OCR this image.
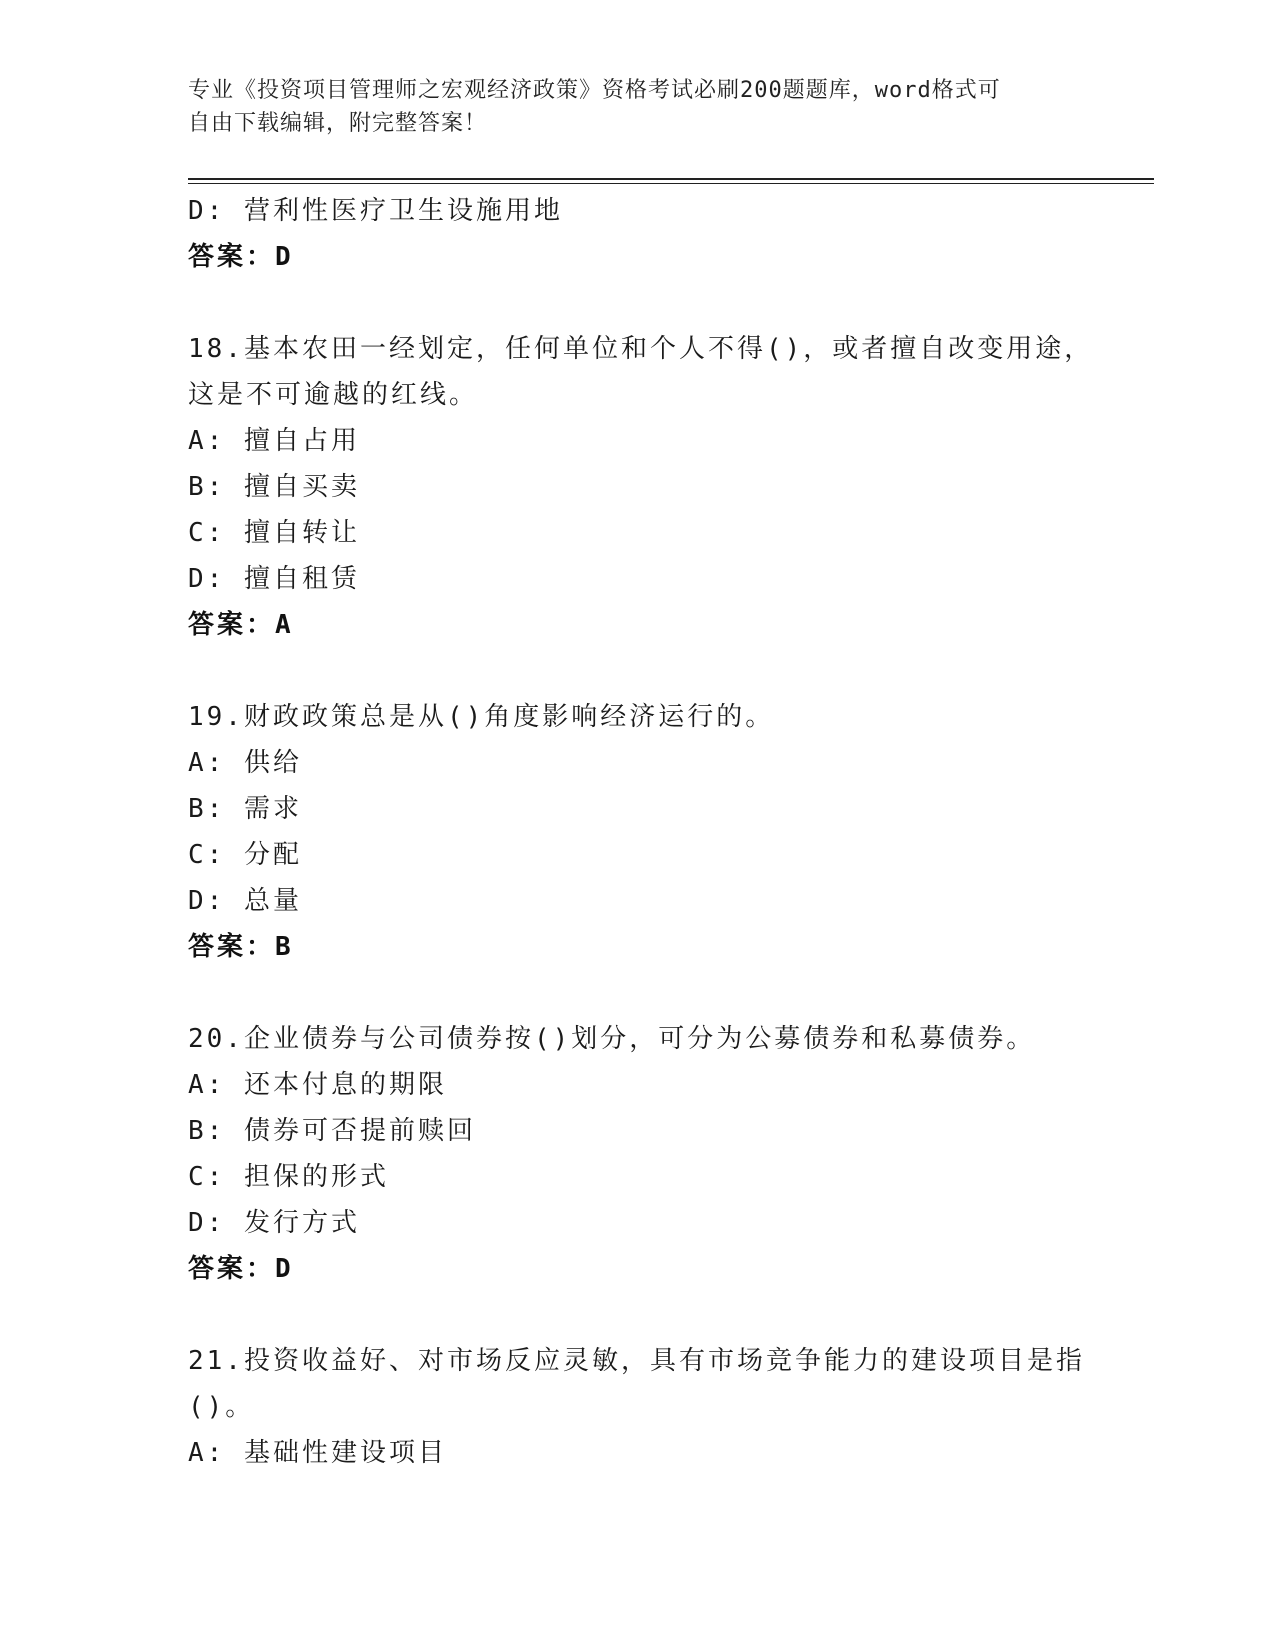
专业《投资项目管理师之宏观经济政策》资格考试必刷200题题库，word格式可
自由下载编辑，附完整答案！
D: 营利性医疗卫生设施用地
答案：D
18.基本农田一经划定，任何单位和个人不得()，或者擅自改变用途，
这是不可逾越的红线。
A: 擅自占用
B: 擅自买卖
C: 擅自转让
D: 擅自租赁
答案：A
19.财政政策总是从()角度影响经济运行的。
A: 供给
B: 需求
C: 分配
D: 总量
答案：B
20.企业债券与公司债券按()划分，可分为公募债券和私募债券。
A: 还本付息的期限
B: 债券可否提前赎回
C: 担保的形式
D: 发行方式
答案：D
21.投资收益好、对市场反应灵敏，具有市场竞争能力的建设项目是指
()。
A: 基础性建设项目
